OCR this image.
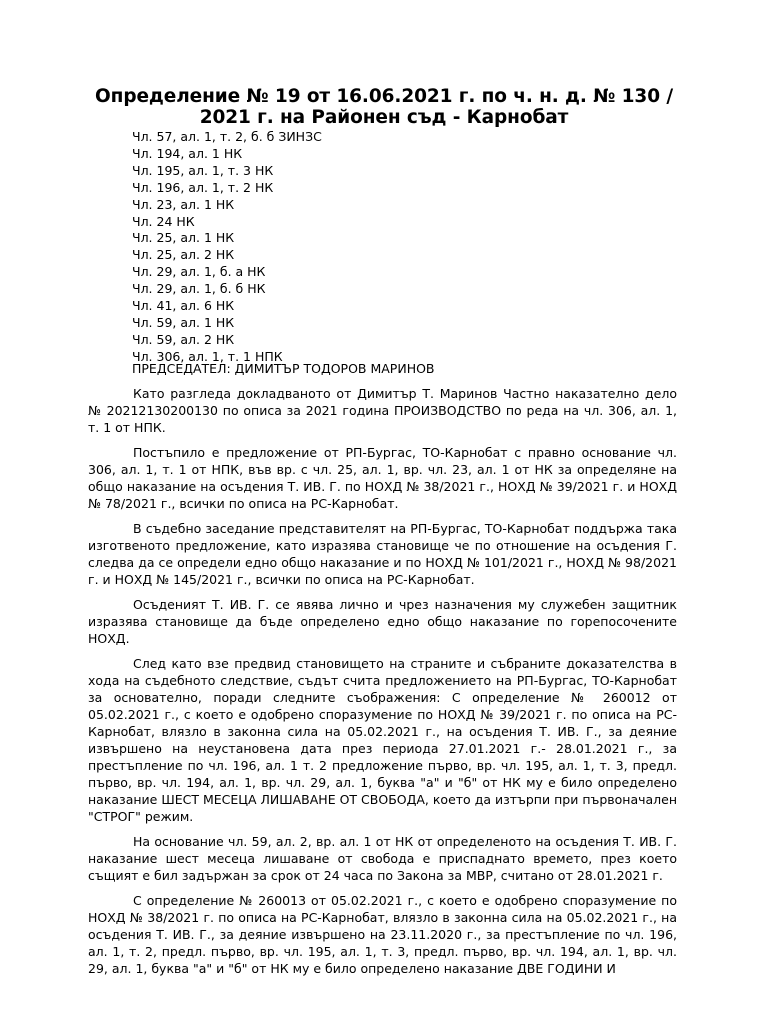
Определение № 19 от 16.06.2021 г. по ч. н. д. № 130 / 2021 г. на Районен съд - Карнобат
Чл. 57, ал. 1, т. 2, б. б ЗИНЗС
Чл. 194, ал. 1 НК
Чл. 195, ал. 1, т. 3 НК
Чл. 196, ал. 1, т. 2 НК
Чл. 23, ал. 1 НК
Чл. 24 НК
Чл. 25, ал. 1 НК
Чл. 25, ал. 2 НК
Чл. 29, ал. 1, б. а НК
Чл. 29, ал. 1, б. б НК
Чл. 41, ал. 6 НК
Чл. 59, ал. 1 НК
Чл. 59, ал. 2 НК
Чл. 306, ал. 1, т. 1 НПК
ПРЕДСЕДАТЕЛ: ДИМИТЪР ТОДОРОВ МАРИНОВ

Като разгледа докладваното от Димитър Т. Маринов Частно наказателно дело № 20212130200130 по описа за 2021 година ПРОИЗВОДСТВО по реда на чл. 306, ал. 1, т. 1 от НПК.

Постъпило е предложение от РП-Бургас, ТО-Карнобат с правно основание чл. 306, ал. 1, т. 1 от НПК, във вр. с чл. 25, ал. 1, вр. чл. 23, ал. 1 от НК за определяне на общо наказание на осъдения Т. ИВ. Г. по НОХД № 38/2021 г., НОХД № 39/2021 г. и НОХД № 78/2021 г., всички по описа на РС-Карнобат.

В съдебно заседание представителят на РП-Бургас, ТО-Карнобат поддържа така изготвеното предложение, като изразява становище че по отношение на осъдения Г. следва да се определи едно общо наказание и по НОХД № 101/2021 г., НОХД № 98/2021 г. и НОХД № 145/2021 г., всички по описа на РС-Карнобат.

Осъденият Т. ИВ. Г. се явява лично и чрез назначения му служебен защитник изразява становище да бъде определено едно общо наказание по горепосочените НОХД.

След като взе предвид становището на страните и събраните доказателства в хода на съдебното следствие, съдът счита предложението на РП-Бургас, ТО-Карнобат за основателно, поради следните съображения: С определение № 260012 от 05.02.2021 г., с което е одобрено споразумение по НОХД № 39/2021 г. по описа на РС-Карнобат, влязло в законна сила на 05.02.2021 г., на осъдения Т. ИВ. Г., за деяние извършено на неустановена дата през периода 27.01.2021 г.- 28.01.2021 г., за престъпление по чл. 196, ал. 1 т. 2 предложение първо, вр. чл. 195, ал. 1, т. 3, предл. първо, вр. чл. 194, ал. 1, вр. чл. 29, ал. 1, буква "а" и "б" от НК му е било определено наказание ШЕСТ МЕСЕЦА ЛИШАВАНЕ ОТ СВОБОДА, което да изтърпи при първоначален "СТРОГ" режим.

На основание чл. 59, ал. 2, вр. ал. 1 от НК от определеното на осъдения Т. ИВ. Г. наказание шест месеца лишаване от свобода е приспаднато времето, през което същият е бил задържан за срок от 24 часа по Закона за МВР, считано от 28.01.2021 г.

С определение № 260013 от 05.02.2021 г., с което е одобрено споразумение по НОХД № 38/2021 г. по описа на РС-Карнобат, влязло в законна сила на 05.02.2021 г., на осъдения Т. ИВ. Г., за деяние извършено на 23.11.2020 г., за престъпление по чл. 196, ал. 1, т. 2, предл. първо, вр. чл. 195, ал. 1, т. 3, предл. първо, вр. чл. 194, ал. 1, вр. чл. 29, ал. 1, буква "а" и "б" от НК му е било определено наказание ДВЕ ГОДИНИ И
